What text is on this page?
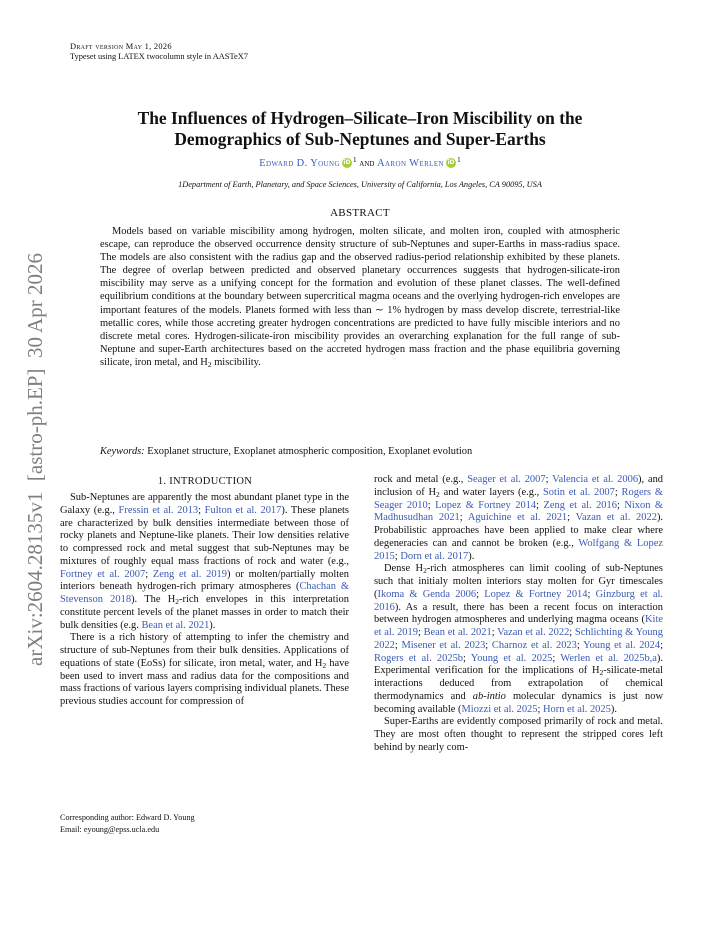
Draft version May 1, 2026
Typeset using LATEX twocolumn style in AASTeX7
arXiv:2604.28135v1  [astro-ph.EP]  30 Apr 2026
The Influences of Hydrogen–Silicate–Iron Miscibility on the Demographics of Sub-Neptunes and Super-Earths
Edward D. Young iD $^1$ and Aaron Werlen iD $^1$
1Department of Earth, Planetary, and Space Sciences, University of California, Los Angeles, CA 90095, USA
ABSTRACT
Models based on variable miscibility among hydrogen, molten silicate, and molten iron, coupled with atmospheric escape, can reproduce the observed occurrence density structure of sub-Neptunes and super-Earths in mass-radius space. The models are also consistent with the radius gap and the observed radius-period relationship exhibited by these planets. The degree of overlap between predicted and observed planetary occurrences suggests that hydrogen-silicate-iron miscibility may serve as a unifying concept for the formation and evolution of these planet classes. The well-defined equilibrium conditions at the boundary between supercritical magma oceans and the overlying hydrogen-rich envelopes are important features of the models. Planets formed with less than ∼ 1% hydrogen by mass develop discrete, terrestrial-like metallic cores, while those accreting greater hydrogen concentrations are predicted to have fully miscible interiors and no discrete metal cores. Hydrogen-silicate-iron miscibility provides an overarching explanation for the full range of sub-Neptune and super-Earth architectures based on the accreted hydrogen mass fraction and the phase equilibria governing silicate, iron metal, and $H_2$ miscibility.
Keywords: Exoplanet structure, Exoplanet atmospheric composition, Exoplanet evolution
1. INTRODUCTION

Sub-Neptunes are apparently the most abundant planet type in the Galaxy (e.g., Fressin et al. 2013; Fulton et al. 2017). These planets are characterized by bulk densities intermediate between those of rocky planets and Neptune-like planets. Their low densities relative to compressed rock and metal suggest that sub-Neptunes may be mixtures of roughly equal mass fractions of rock and water (e.g., Fortney et al. 2007; Zeng et al. 2019) or molten/partially molten interiors beneath hydrogen-rich primary atmospheres (Chachan & Stevenson 2018). The $H_2$-rich envelopes in this interpretation constitute percent levels of the planet masses in order to match their bulk densities (e.g. Bean et al. 2021).

There is a rich history of attempting to infer the chemistry and structure of sub-Neptunes from their bulk densities. Applications of equations of state (EoSs) for silicate, iron metal, water, and $H_2$ have been used to invert mass and radius data for the compositions and mass fractions of various layers comprising individual planets. These previous studies account for compression of

rock and metal (e.g., Seager et al. 2007; Valencia et al. 2006), and inclusion of $H_2$ and water layers (e.g., Sotin et al. 2007; Rogers & Seager 2010; Lopez & Fortney 2014; Zeng et al. 2016; Nixon & Madhusudhan 2021; Aguichine et al. 2021; Vazan et al. 2022). Probabilistic approaches have been applied to make clear where degeneracies can and cannot be broken (e.g., Wolfgang & Lopez 2015; Dorn et al. 2017).

Dense $H_2$-rich atmospheres can limit cooling of sub-Neptunes such that initialy molten interiors stay molten for Gyr timescales (Ikoma & Genda 2006; Lopez & Fortney 2014; Ginzburg et al. 2016). As a result, there has been a recent focus on interaction between hydrogen atmospheres and underlying magma oceans (Kite et al. 2019; Bean et al. 2021; Vazan et al. 2022; Schlichting & Young 2022; Misener et al. 2023; Charnoz et al. 2023; Young et al. 2024; Rogers et al. 2025b; Young et al. 2025; Werlen et al. 2025b,a). Experimental verification for the implications of $H_2-silicate$-metal interactions deduced from extrapolation of chemical thermodynamics and ab-intio molecular dynamics is just now becoming available (Miozzi et al. 2025; Horn et al. 2025).

Super-Earths are evidently composed primarily of rock and metal. They are most often thought to represent the stripped cores left behind by nearly com-

Corresponding author: Edward D. Young
Email: eyoung@epss.ucla.edu
